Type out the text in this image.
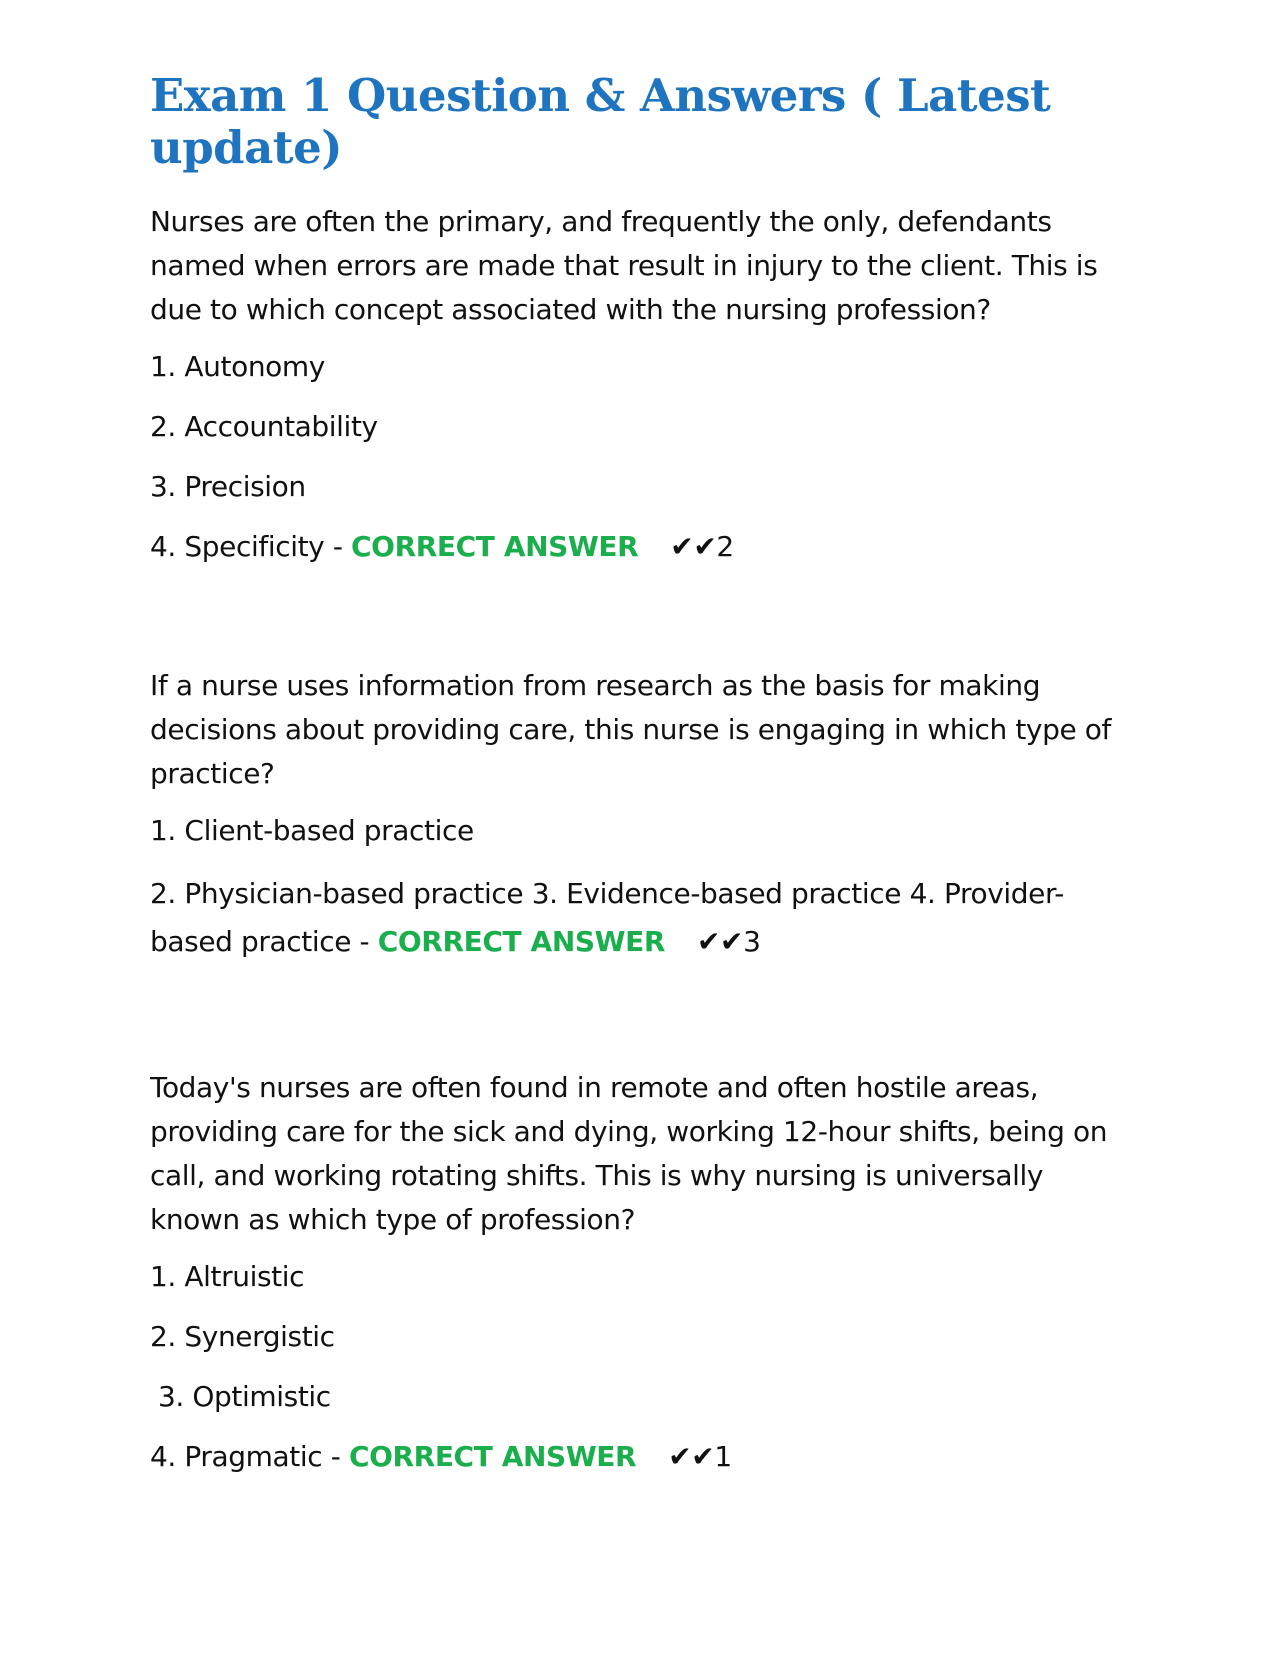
Exam 1 Question & Answers ( Latest update)

Nurses are often the primary, and frequently the only, defendants named when errors are made that result in injury to the client. This is due to which concept associated with the nursing profession?

1. Autonomy

2. Accountability

3. Precision

4. Specificity - CORRECT ANSWER ✔✔2

If a nurse uses information from research as the basis for making decisions about providing care, this nurse is engaging in which type of practice?

1. Client-based practice

2. Physician-based practice 3. Evidence-based practice 4. Provider-based practice - CORRECT ANSWER ✔✔3

Today's nurses are often found in remote and often hostile areas, providing care for the sick and dying, working 12-hour shifts, being on call, and working rotating shifts. This is why nursing is universally known as which type of profession?

1. Altruistic

2. Synergistic

3. Optimistic

4. Pragmatic - CORRECT ANSWER ✔✔1
